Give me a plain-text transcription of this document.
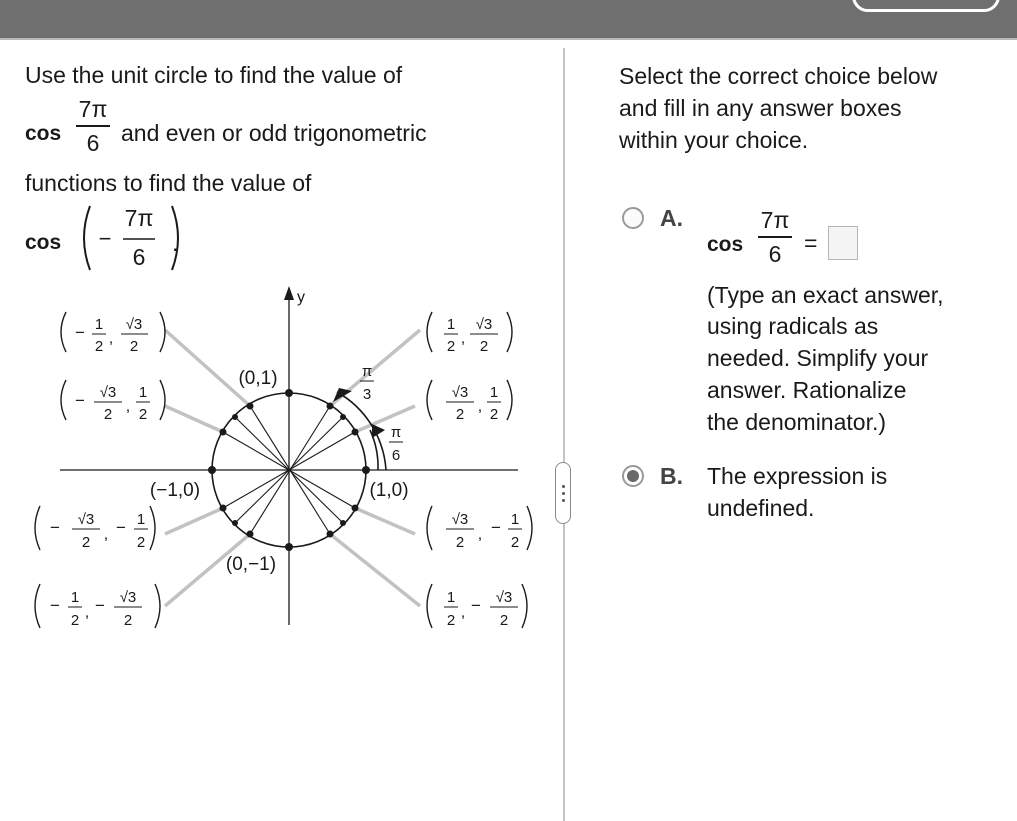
Use the unit circle to find the value of
cos
7π
6 and even or odd trigonometric
functions to find the value of
cos −
7π
6
.
y
π
3
π
6
(0,1)
(−1,0)	(1,0)
(0,−1)
− 1
2 ,
√3
2
− √3
2 ,
1
2
− √3
2 , − 1
2
− 1
2 , − √3
2
1
2 ,
√3
2
√3
2 ,
1
2
√3
2 , − 1
2
1
2 , − √3
2
Select the correct choice below
and fill in any answer boxes
within your choice.
A.
cos
7π
6 =
(Type an exact answer,
using radicals as
needed. Simplify your
answer. Rationalize
the denominator.)
B. The expression is
undefined.
